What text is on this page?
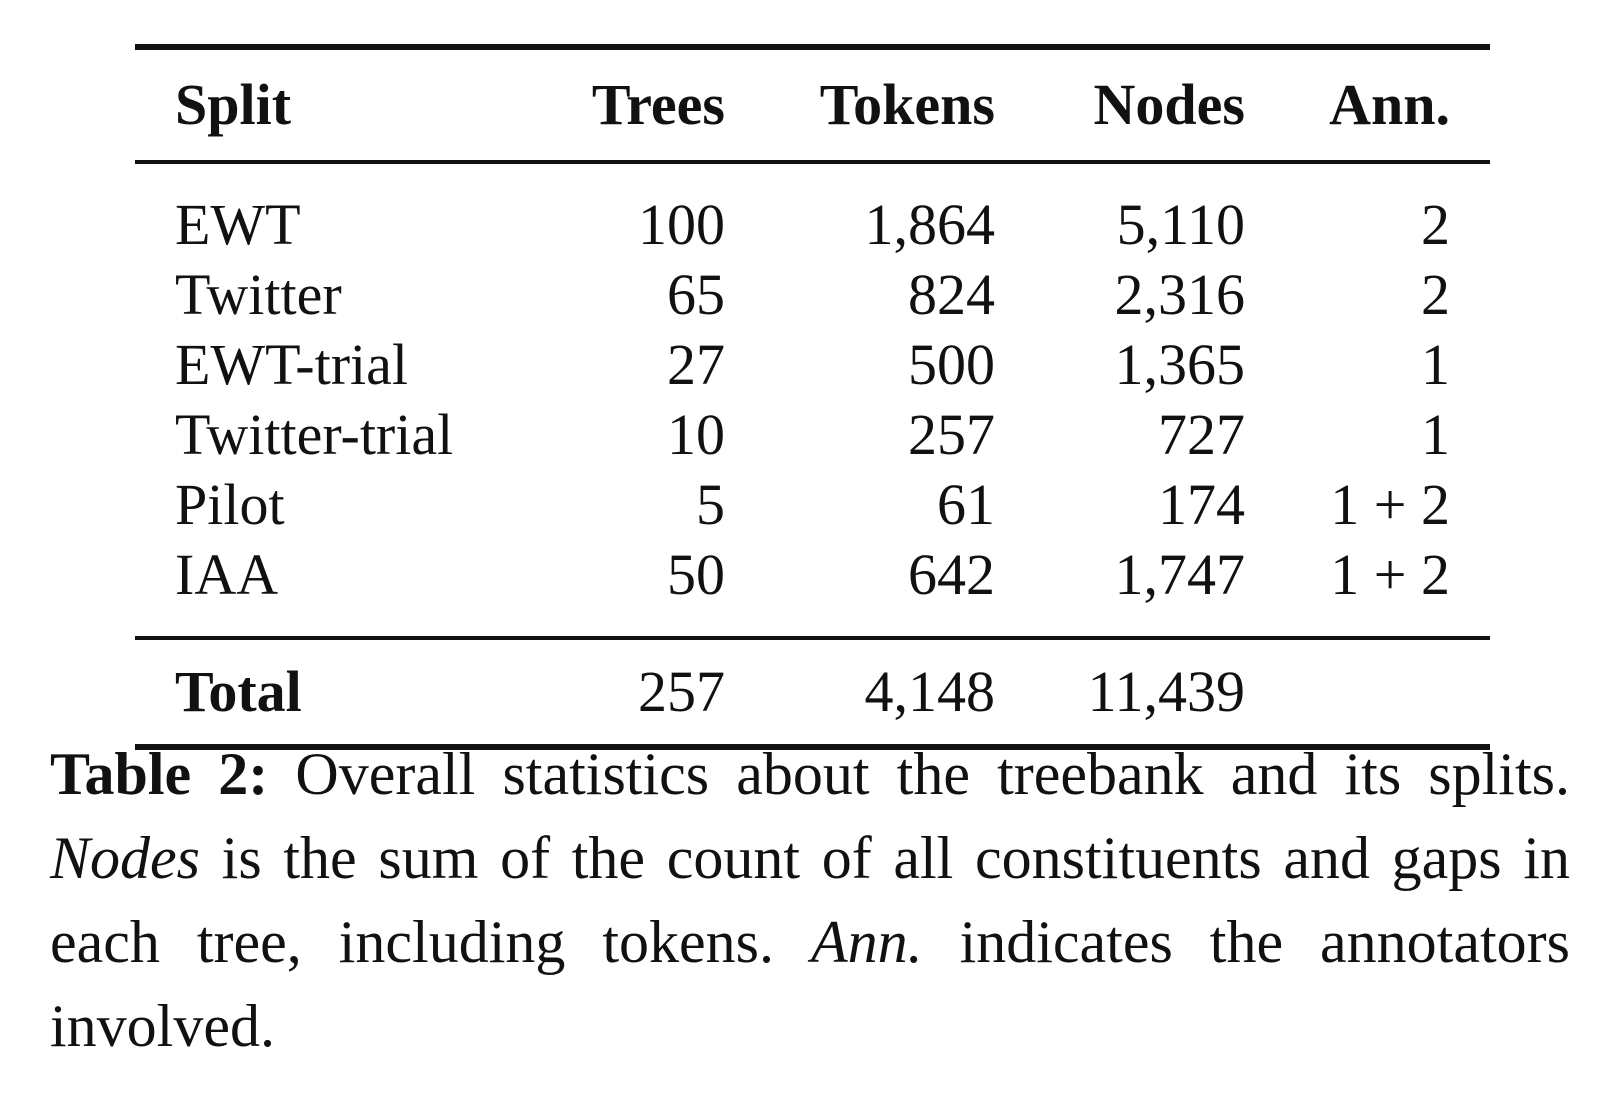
Split	Trees	Tokens	Nodes	Ann.
EWT	100	1,864	5,110	2
Twitter	65	824	2,316	2
EWT-trial	27	500	1,365	1
Twitter-trial	10	257	727	1
Pilot	5	61	174	1 + 2
IAA	50	642	1,747	1 + 2
Total	257	4,148	11,439	

Table 2: Overall statistics about the treebank and its splits. Nodes is the sum of the count of all constituents and gaps in each tree, including tokens. Ann. indicates the annotators involved.
